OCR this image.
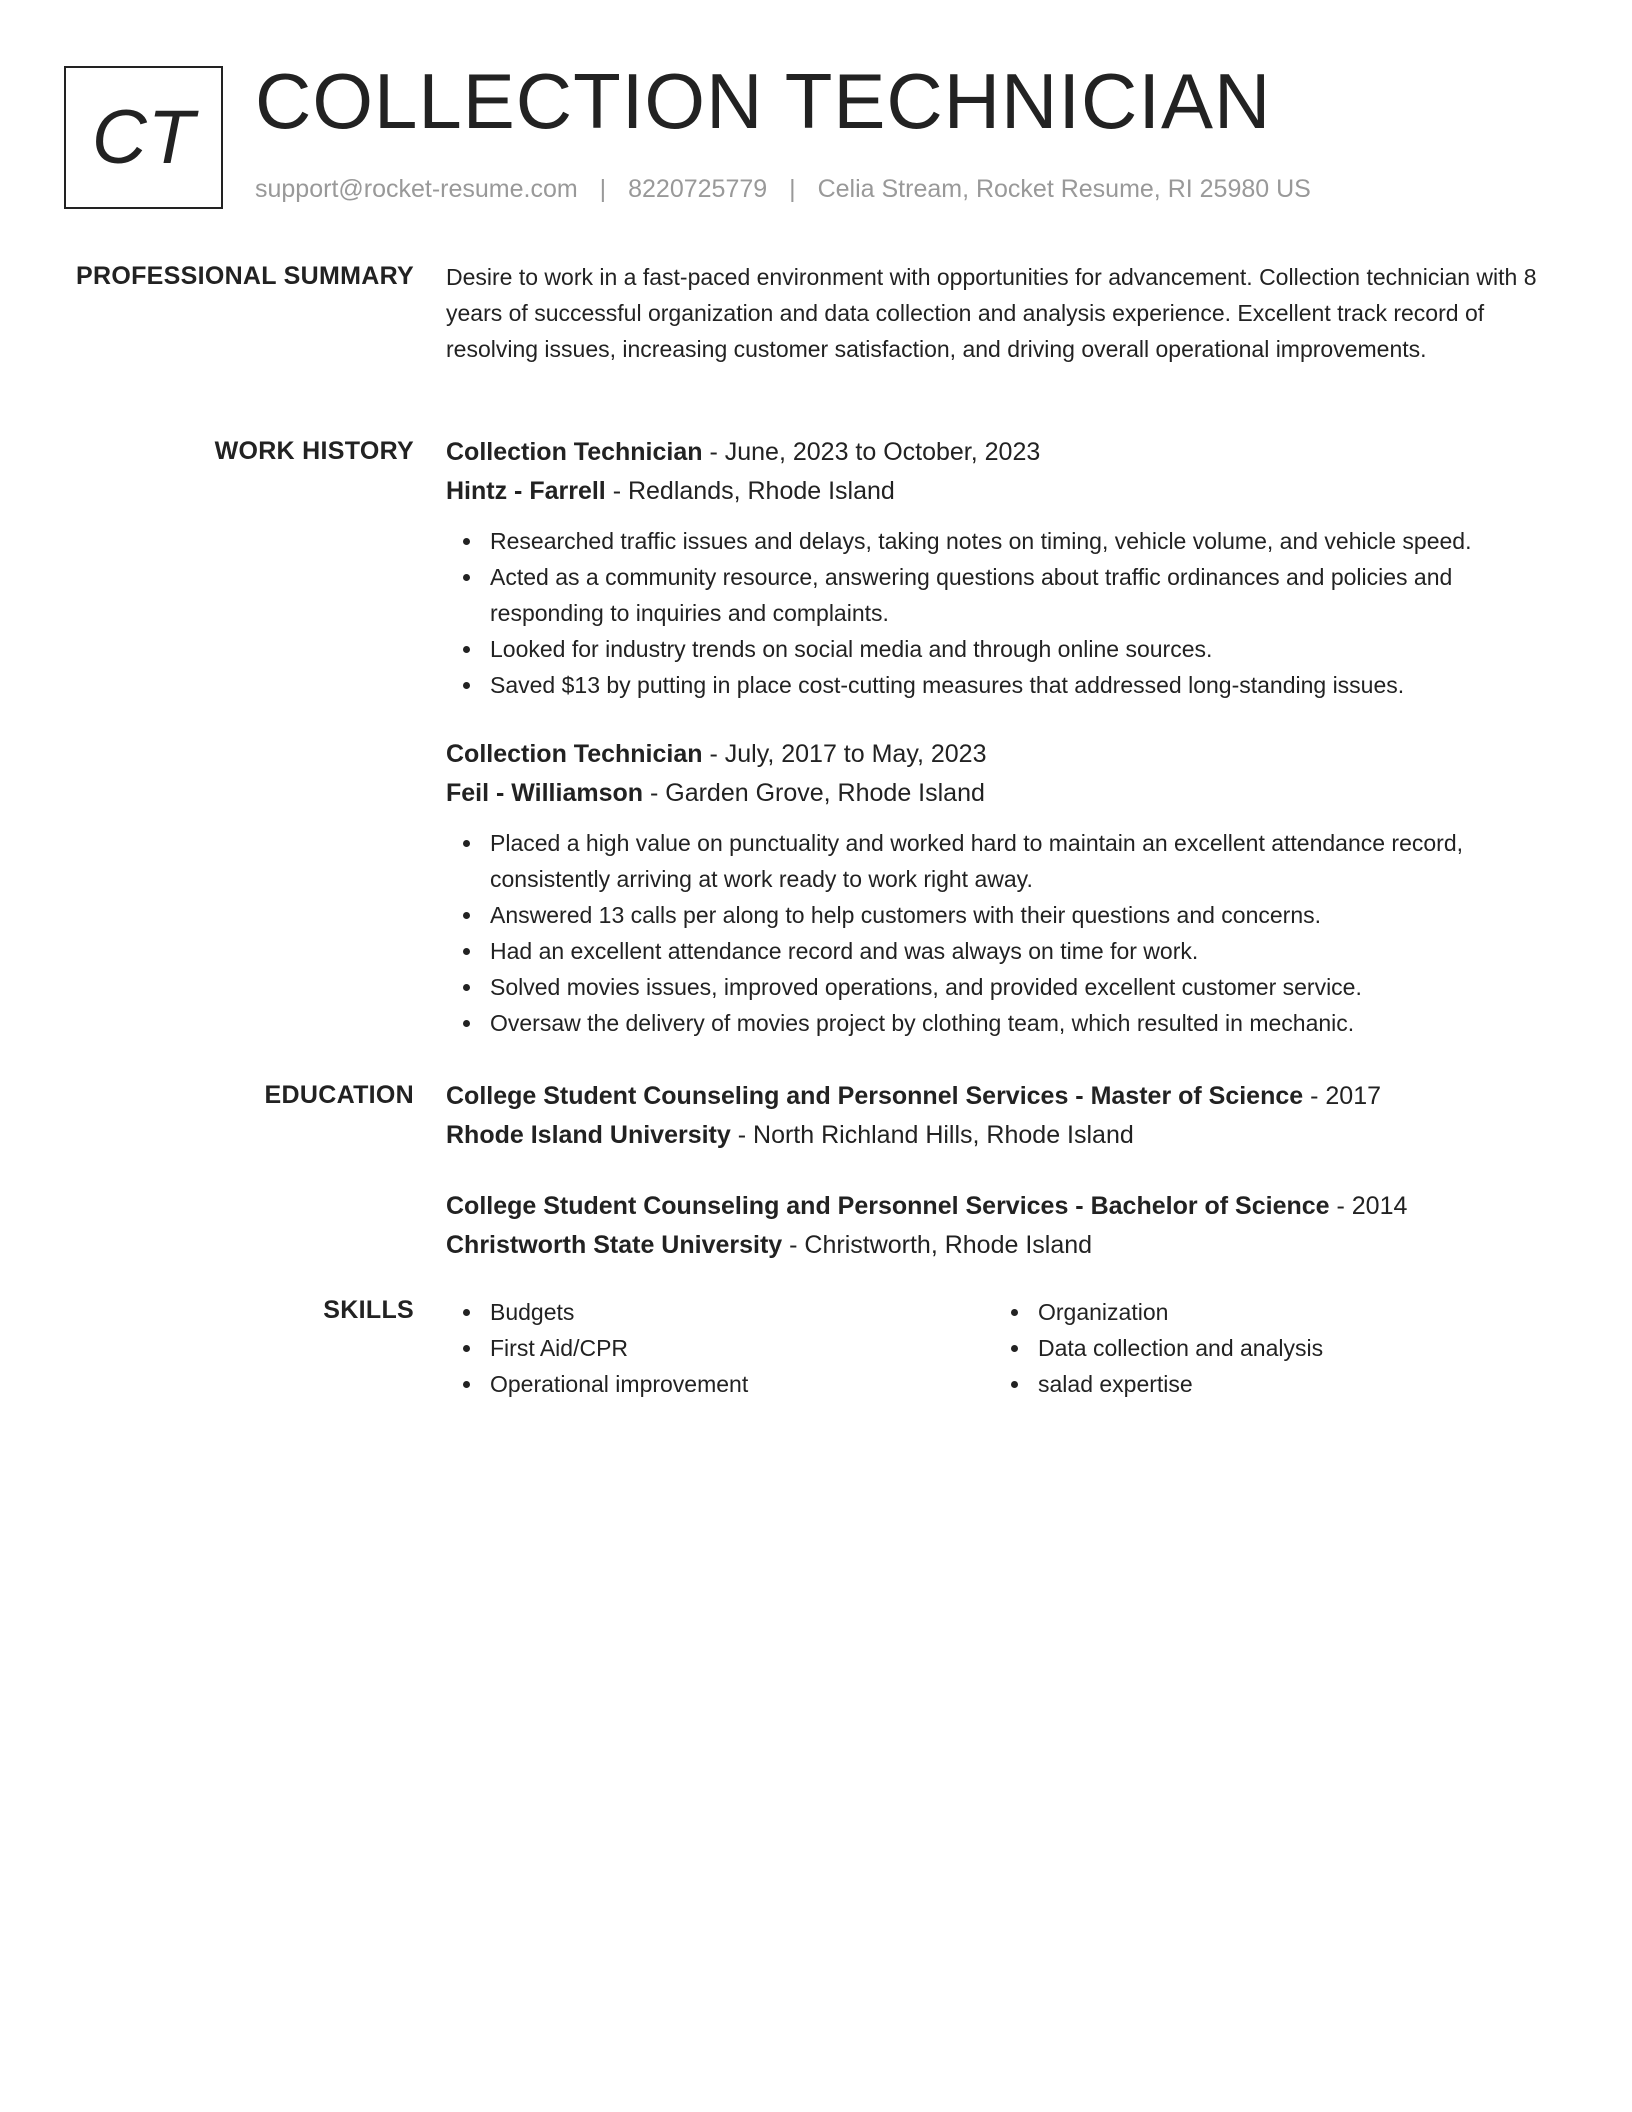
CT COLLECTION TECHNICIAN
support@rocket-resume.com | 8220725779 | Celia Stream, Rocket Resume, RI 25980 US
PROFESSIONAL SUMMARY Desire to work in a fast-paced environment with opportunities for advancement. Collection technician with 8 years of successful organization and data collection and analysis experience. Excellent track record of resolving issues, increasing customer satisfaction, and driving overall operational improvements.

WORK HISTORY Collection Technician - June, 2023 to October, 2023
Hintz - Farrell - Redlands, Rhode Island
Researched traffic issues and delays, taking notes on timing, vehicle volume, and vehicle speed.
Acted as a community resource, answering questions about traffic ordinances and policies and responding to inquiries and complaints.
Looked for industry trends on social media and through online sources.
Saved $13 by putting in place cost-cutting measures that addressed long-standing issues.
Collection Technician - July, 2017 to May, 2023
Feil - Williamson - Garden Grove, Rhode Island
Placed a high value on punctuality and worked hard to maintain an excellent attendance record, consistently arriving at work ready to work right away.
Answered 13 calls per along to help customers with their questions and concerns.
Had an excellent attendance record and was always on time for work.
Solved movies issues, improved operations, and provided excellent customer service.
Oversaw the delivery of movies project by clothing team, which resulted in mechanic.
EDUCATION College Student Counseling and Personnel Services - Master of Science - 2017
Rhode Island University - North Richland Hills, Rhode Island
College Student Counseling and Personnel Services - Bachelor of Science - 2014
Christworth State University - Christworth, Rhode Island
SKILLS	Budgets
First Aid/CPR
Operational improvement
Organization
Data collection and analysis
salad expertise
